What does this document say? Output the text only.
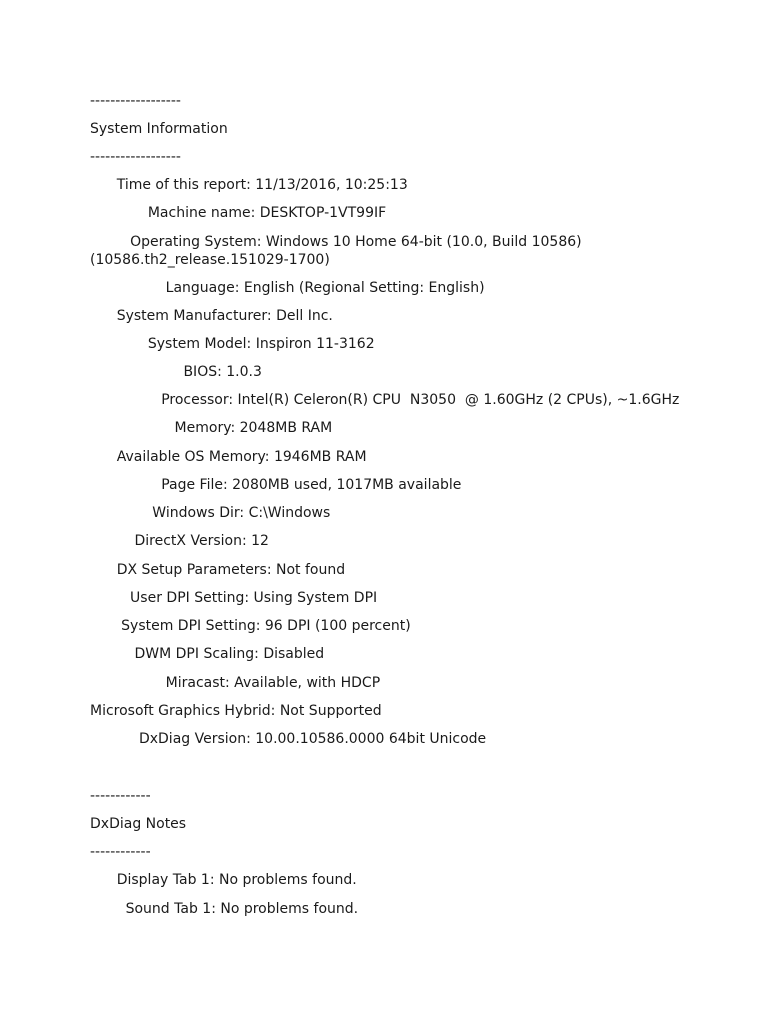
------------------

System Information

------------------

Time of this report: 11/13/2016, 10:25:13

Machine name: DESKTOP-1VT99IF

Operating System: Windows 10 Home 64-bit (10.0, Build 10586)
(10586.th2_release.151029-1700)

Language: English (Regional Setting: English)

System Manufacturer: Dell Inc.

System Model: Inspiron 11-3162

BIOS: 1.0.3

Processor: Intel(R) Celeron(R) CPU  N3050  @ 1.60GHz (2 CPUs), ~1.6GHz

Memory: 2048MB RAM

Available OS Memory: 1946MB RAM

Page File: 2080MB used, 1017MB available

Windows Dir: C:\Windows

DirectX Version: 12

DX Setup Parameters: Not found

User DPI Setting: Using System DPI

System DPI Setting: 96 DPI (100 percent)

DWM DPI Scaling: Disabled

Miracast: Available, with HDCP

Microsoft Graphics Hybrid: Not Supported

DxDiag Version: 10.00.10586.0000 64bit Unicode

------------

DxDiag Notes

------------

Display Tab 1: No problems found.

Sound Tab 1: No problems found.
